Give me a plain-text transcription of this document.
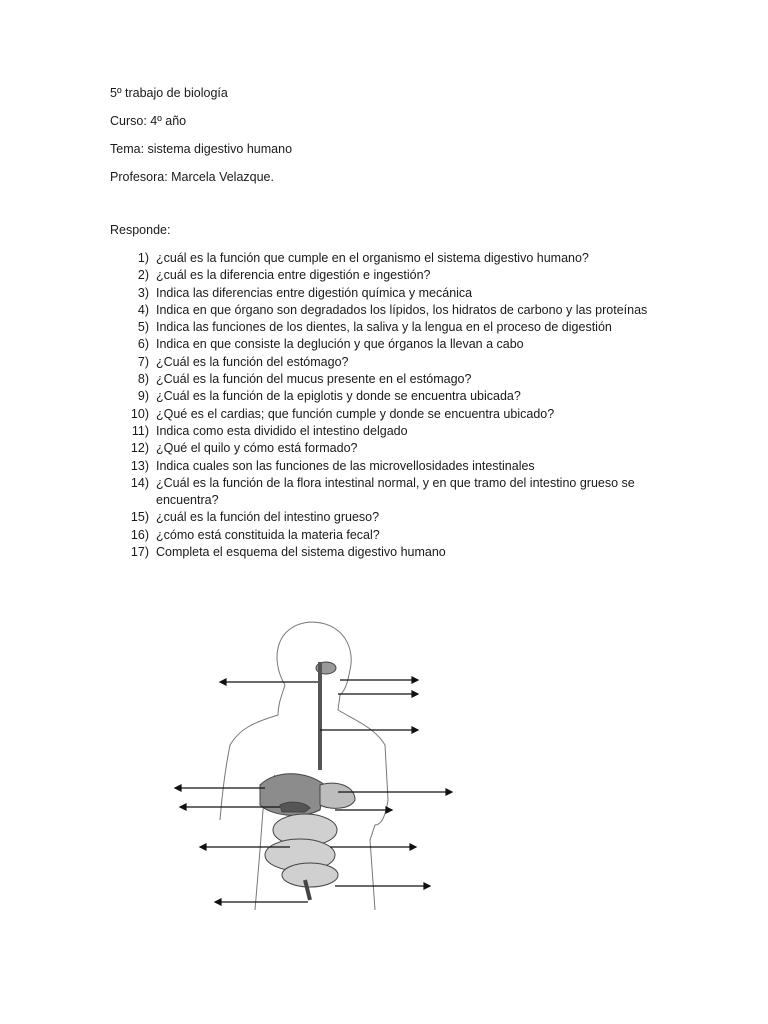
5º trabajo de biología

Curso: 4º año

Tema: sistema digestivo humano

Profesora: Marcela Velazque.

Responde:
1) ¿cuál es la función que cumple en el organismo el sistema digestivo humano?
2) ¿cuál es la diferencia entre digestión e ingestión?
3) Indica las diferencias entre digestión química y mecánica
4) Indica en que órgano son degradados los lípidos, los hidratos de carbono y las proteínas
5) Indica las funciones de los dientes, la saliva y la lengua en el proceso de digestión
6) Indica en que consiste la deglución y que órganos la llevan a cabo
7) ¿Cuál es la función del estómago?
8) ¿Cuál es la función del mucus presente en el estómago?
9) ¿Cuál es la función de la epiglotis y donde se encuentra ubicada?
10) ¿Qué es el cardias; que función cumple y donde se encuentra ubicado?
11) Indica como esta dividido el intestino delgado
12) ¿Qué el quilo y cómo está formado?
13) Indica cuales son las funciones de las microvellosidades intestinales
14) ¿Cuál es la función de la flora intestinal normal, y en que tramo del intestino grueso se encuentra?
15) ¿cuál es la función del intestino grueso?
16) ¿cómo está constituida la materia fecal?
17) Completa el esquema del sistema digestivo humano
